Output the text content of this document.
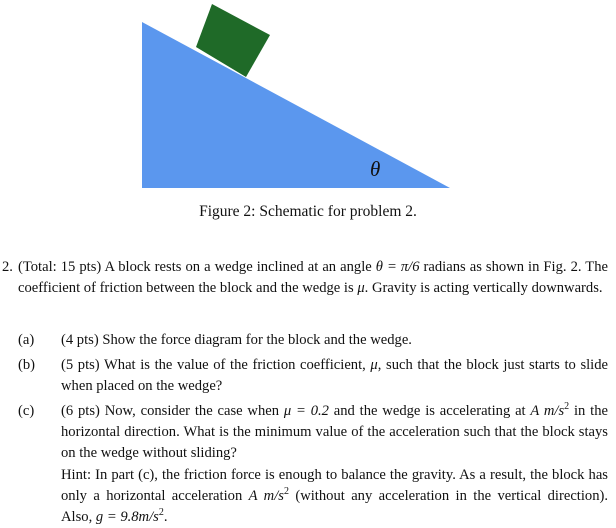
θ
Figure 2: Schematic for problem 2.
2. (Total: 15 pts) A block rests on a wedge inclined at an angle θ = π/6 radians as shown in Fig. 2. The coefficient of friction between the block and the wedge is μ. Gravity is acting vertically downwards.
(a)	(4 pts) Show the force diagram for the block and the wedge.
(b)	(5 pts) What is the value of the friction coefficient, μ, such that the block just starts to slide when placed on the wedge?
(c)	(6 pts) Now, consider the case when μ = 0.2 and the wedge is accelerating at A $m/s^2$ in the horizontal direction. What is the minimum value of the acceleration such that the block stays on the wedge without sliding?
Hint: In part (c), the friction force is enough to balance the gravity. As a result, the block has only a horizontal acceleration A $m/s^2$ (without any acceleration in the vertical direction). Also, $g = 9.8m/s^2$.
